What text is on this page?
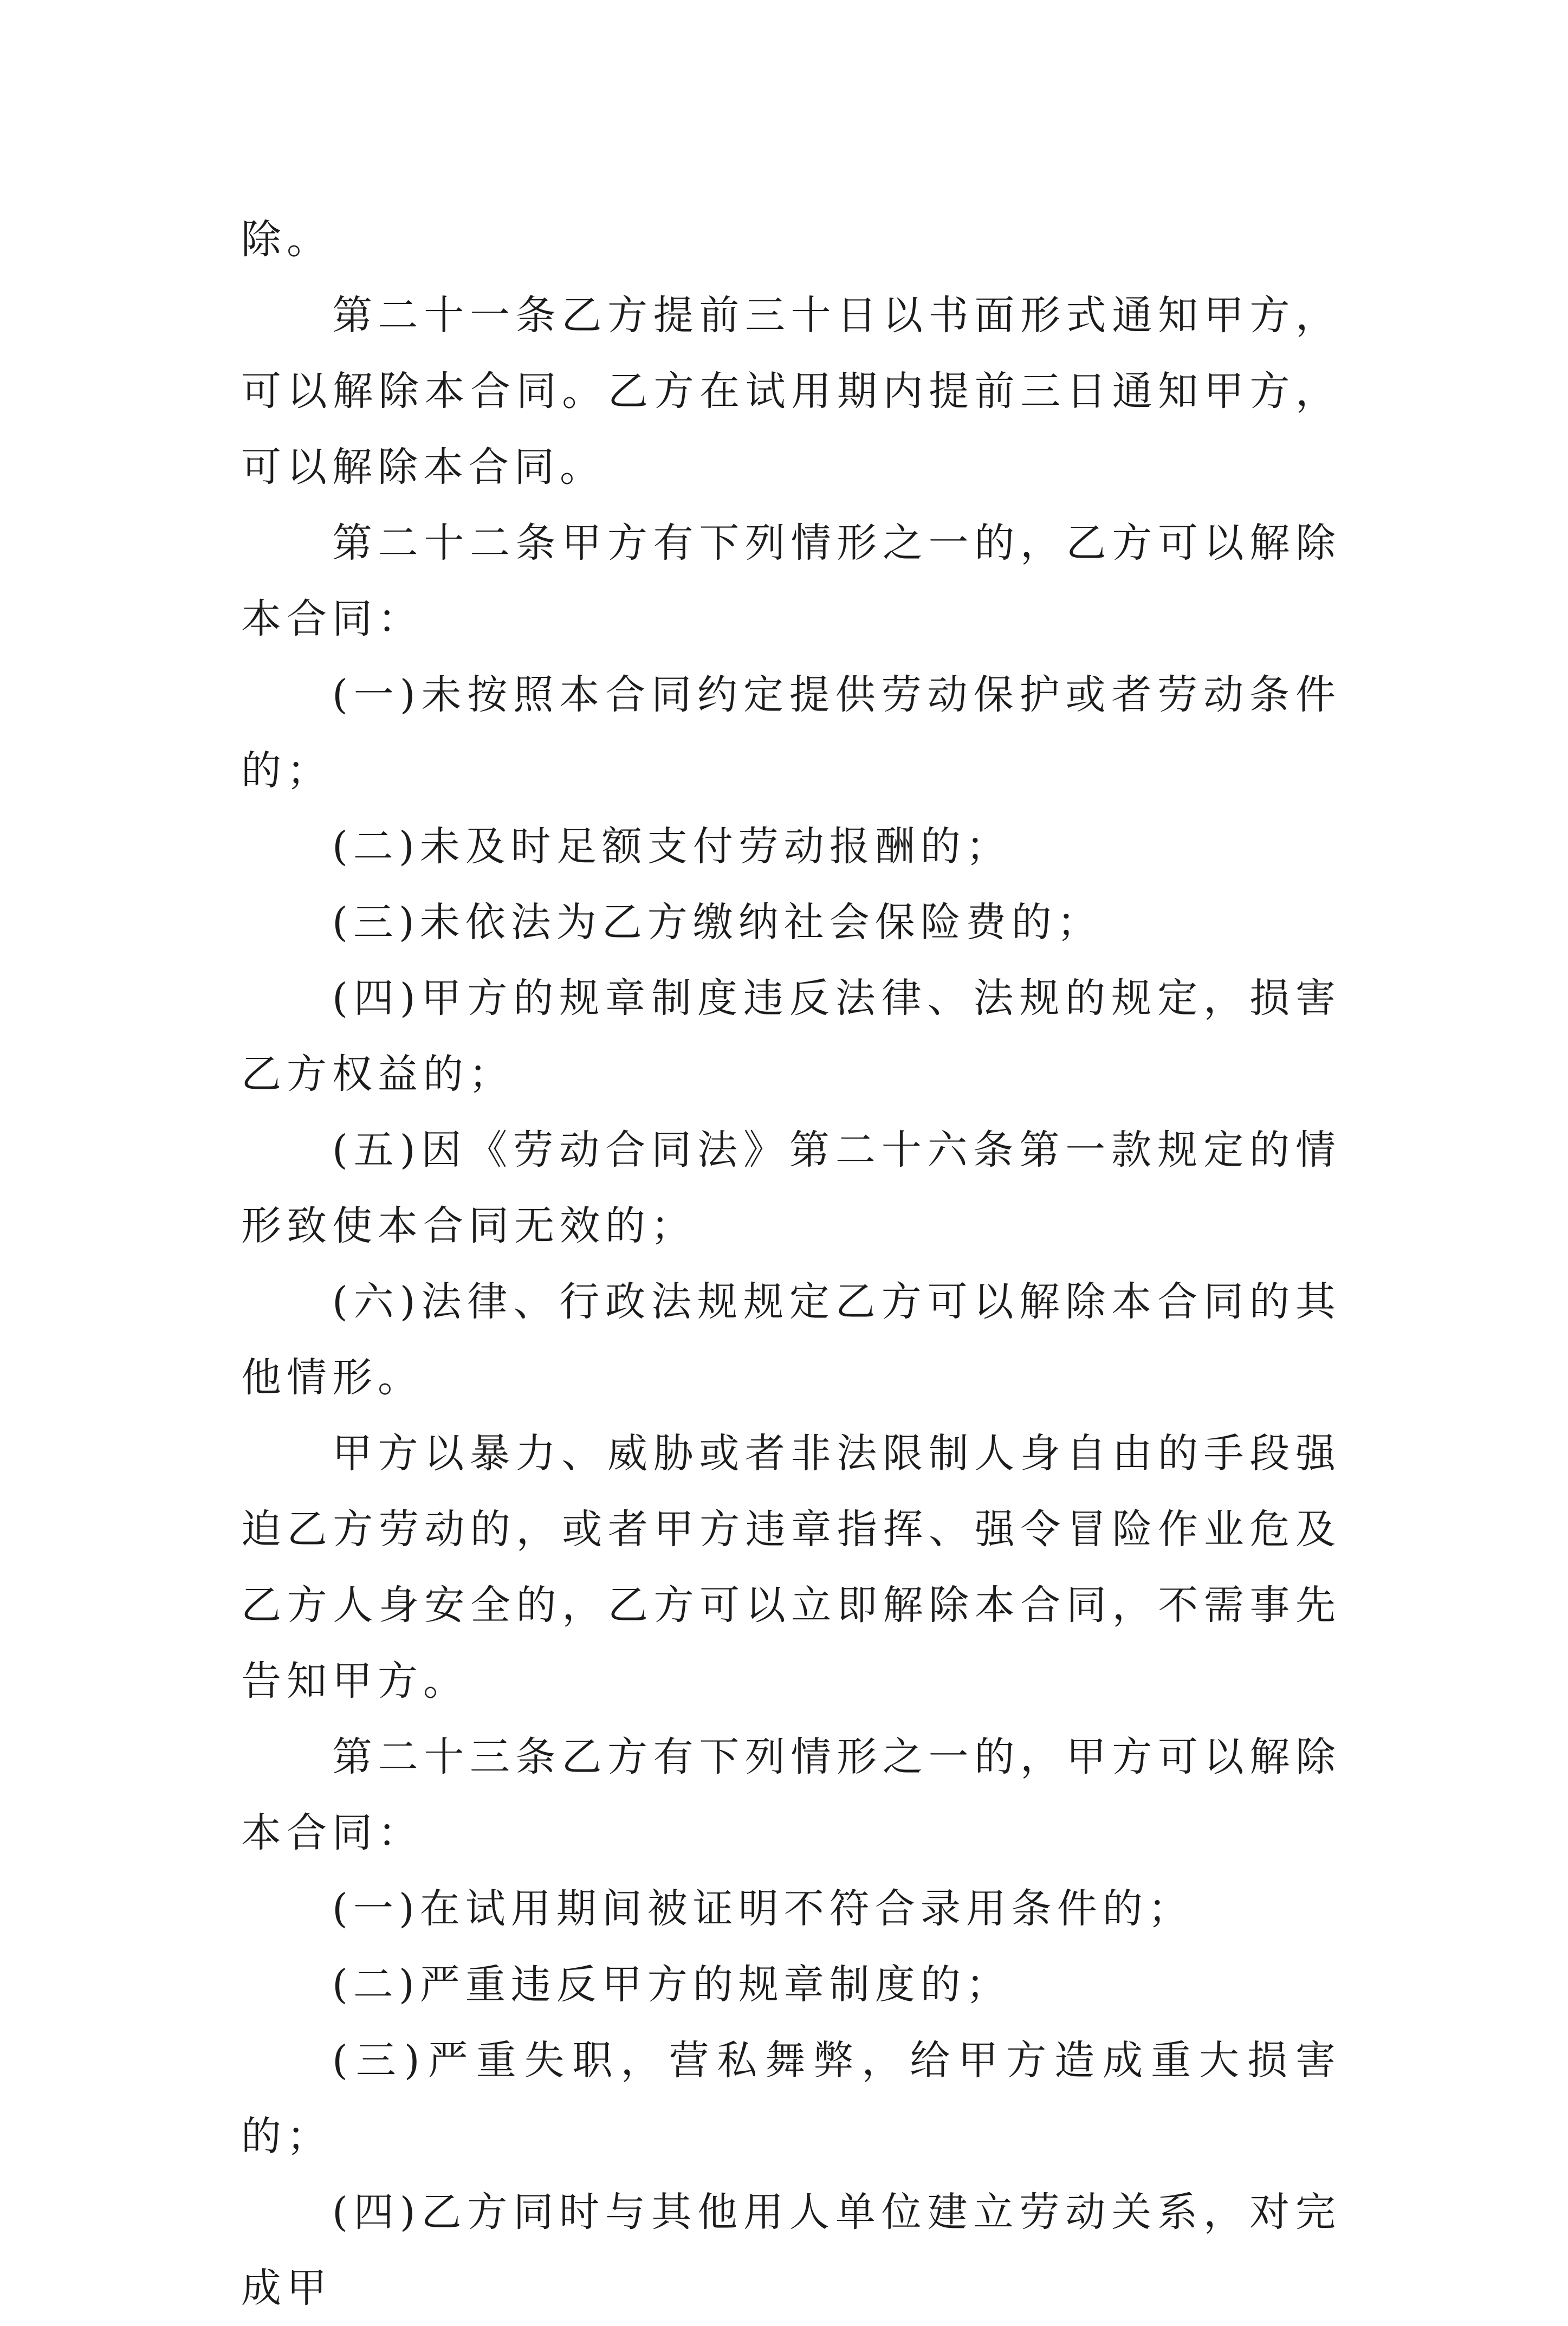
除。

第二十一条乙方提前三十日以书面形式通知甲方，可以解除本合同。乙方在试用期内提前三日通知甲方，可以解除本合同。

第二十二条甲方有下列情形之一的，乙方可以解除本合同：

(一)未按照本合同约定提供劳动保护或者劳动条件的；

(二)未及时足额支付劳动报酬的；

(三)未依法为乙方缴纳社会保险费的；

(四)甲方的规章制度违反法律、法规的规定，损害乙方权益的；

(五)因《劳动合同法》第二十六条第一款规定的情形致使本合同无效的；

(六)法律、行政法规规定乙方可以解除本合同的其他情形。

甲方以暴力、威胁或者非法限制人身自由的手段强迫乙方劳动的，或者甲方违章指挥、强令冒险作业危及乙方人身安全的，乙方可以立即解除本合同，不需事先告知甲方。

第二十三条乙方有下列情形之一的，甲方可以解除本合同：

(一)在试用期间被证明不符合录用条件的；

(二)严重违反甲方的规章制度的；

(三)严重失职，营私舞弊，给甲方造成重大损害的；

(四)乙方同时与其他用人单位建立劳动关系，对完成甲
